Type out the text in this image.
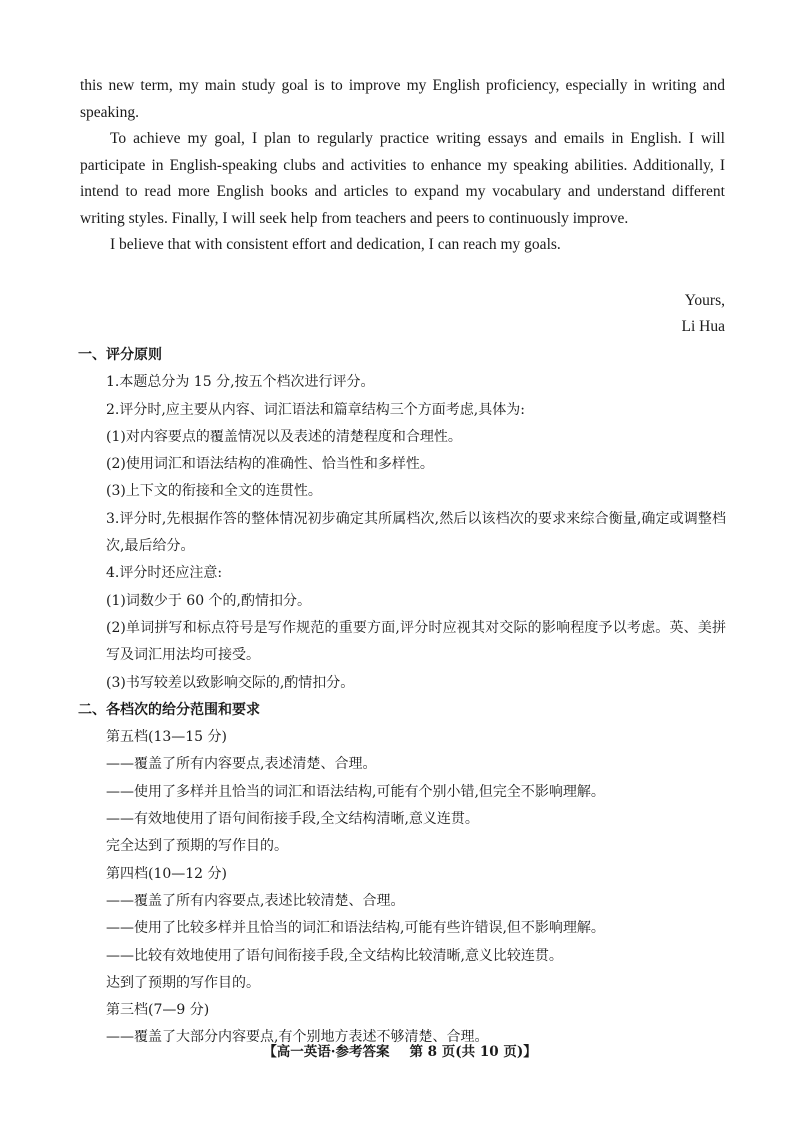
this new term, my main study goal is to improve my English proficiency, especially in writing and speaking.

To achieve my goal, I plan to regularly practice writing essays and emails in English. I will participate in English-speaking clubs and activities to enhance my speaking abilities. Additionally, I intend to read more English books and articles to expand my vocabulary and understand different writing styles. Finally, I will seek help from teachers and peers to continuously improve.

I believe that with consistent effort and dedication, I can reach my goals.

Yours,
Li Hua
一、评分原则
1.本题总分为 15 分,按五个档次进行评分。
2.评分时,应主要从内容、词汇语法和篇章结构三个方面考虑,具体为:
(1)对内容要点的覆盖情况以及表述的清楚程度和合理性。
(2)使用词汇和语法结构的准确性、恰当性和多样性。
(3)上下文的衔接和全文的连贯性。
3.评分时,先根据作答的整体情况初步确定其所属档次,然后以该档次的要求来综合衡量,确定或调整档次,最后给分。
4.评分时还应注意:
(1)词数少于 60 个的,酌情扣分。
(2)单词拼写和标点符号是写作规范的重要方面,评分时应视其对交际的影响程度予以考虑。英、美拼写及词汇用法均可接受。
(3)书写较差以致影响交际的,酌情扣分。
二、各档次的给分范围和要求
第五档(13—15 分)
——覆盖了所有内容要点,表述清楚、合理。
——使用了多样并且恰当的词汇和语法结构,可能有个别小错,但完全不影响理解。
——有效地使用了语句间衔接手段,全文结构清晰,意义连贯。
完全达到了预期的写作目的。
第四档(10—12 分)
——覆盖了所有内容要点,表述比较清楚、合理。
——使用了比较多样并且恰当的词汇和语法结构,可能有些许错误,但不影响理解。
——比较有效地使用了语句间衔接手段,全文结构比较清晰,意义比较连贯。
达到了预期的写作目的。
第三档(7—9 分)
——覆盖了大部分内容要点,有个别地方表述不够清楚、合理。
【高一英语·参考答案 第 8 页(共 10 页)】
